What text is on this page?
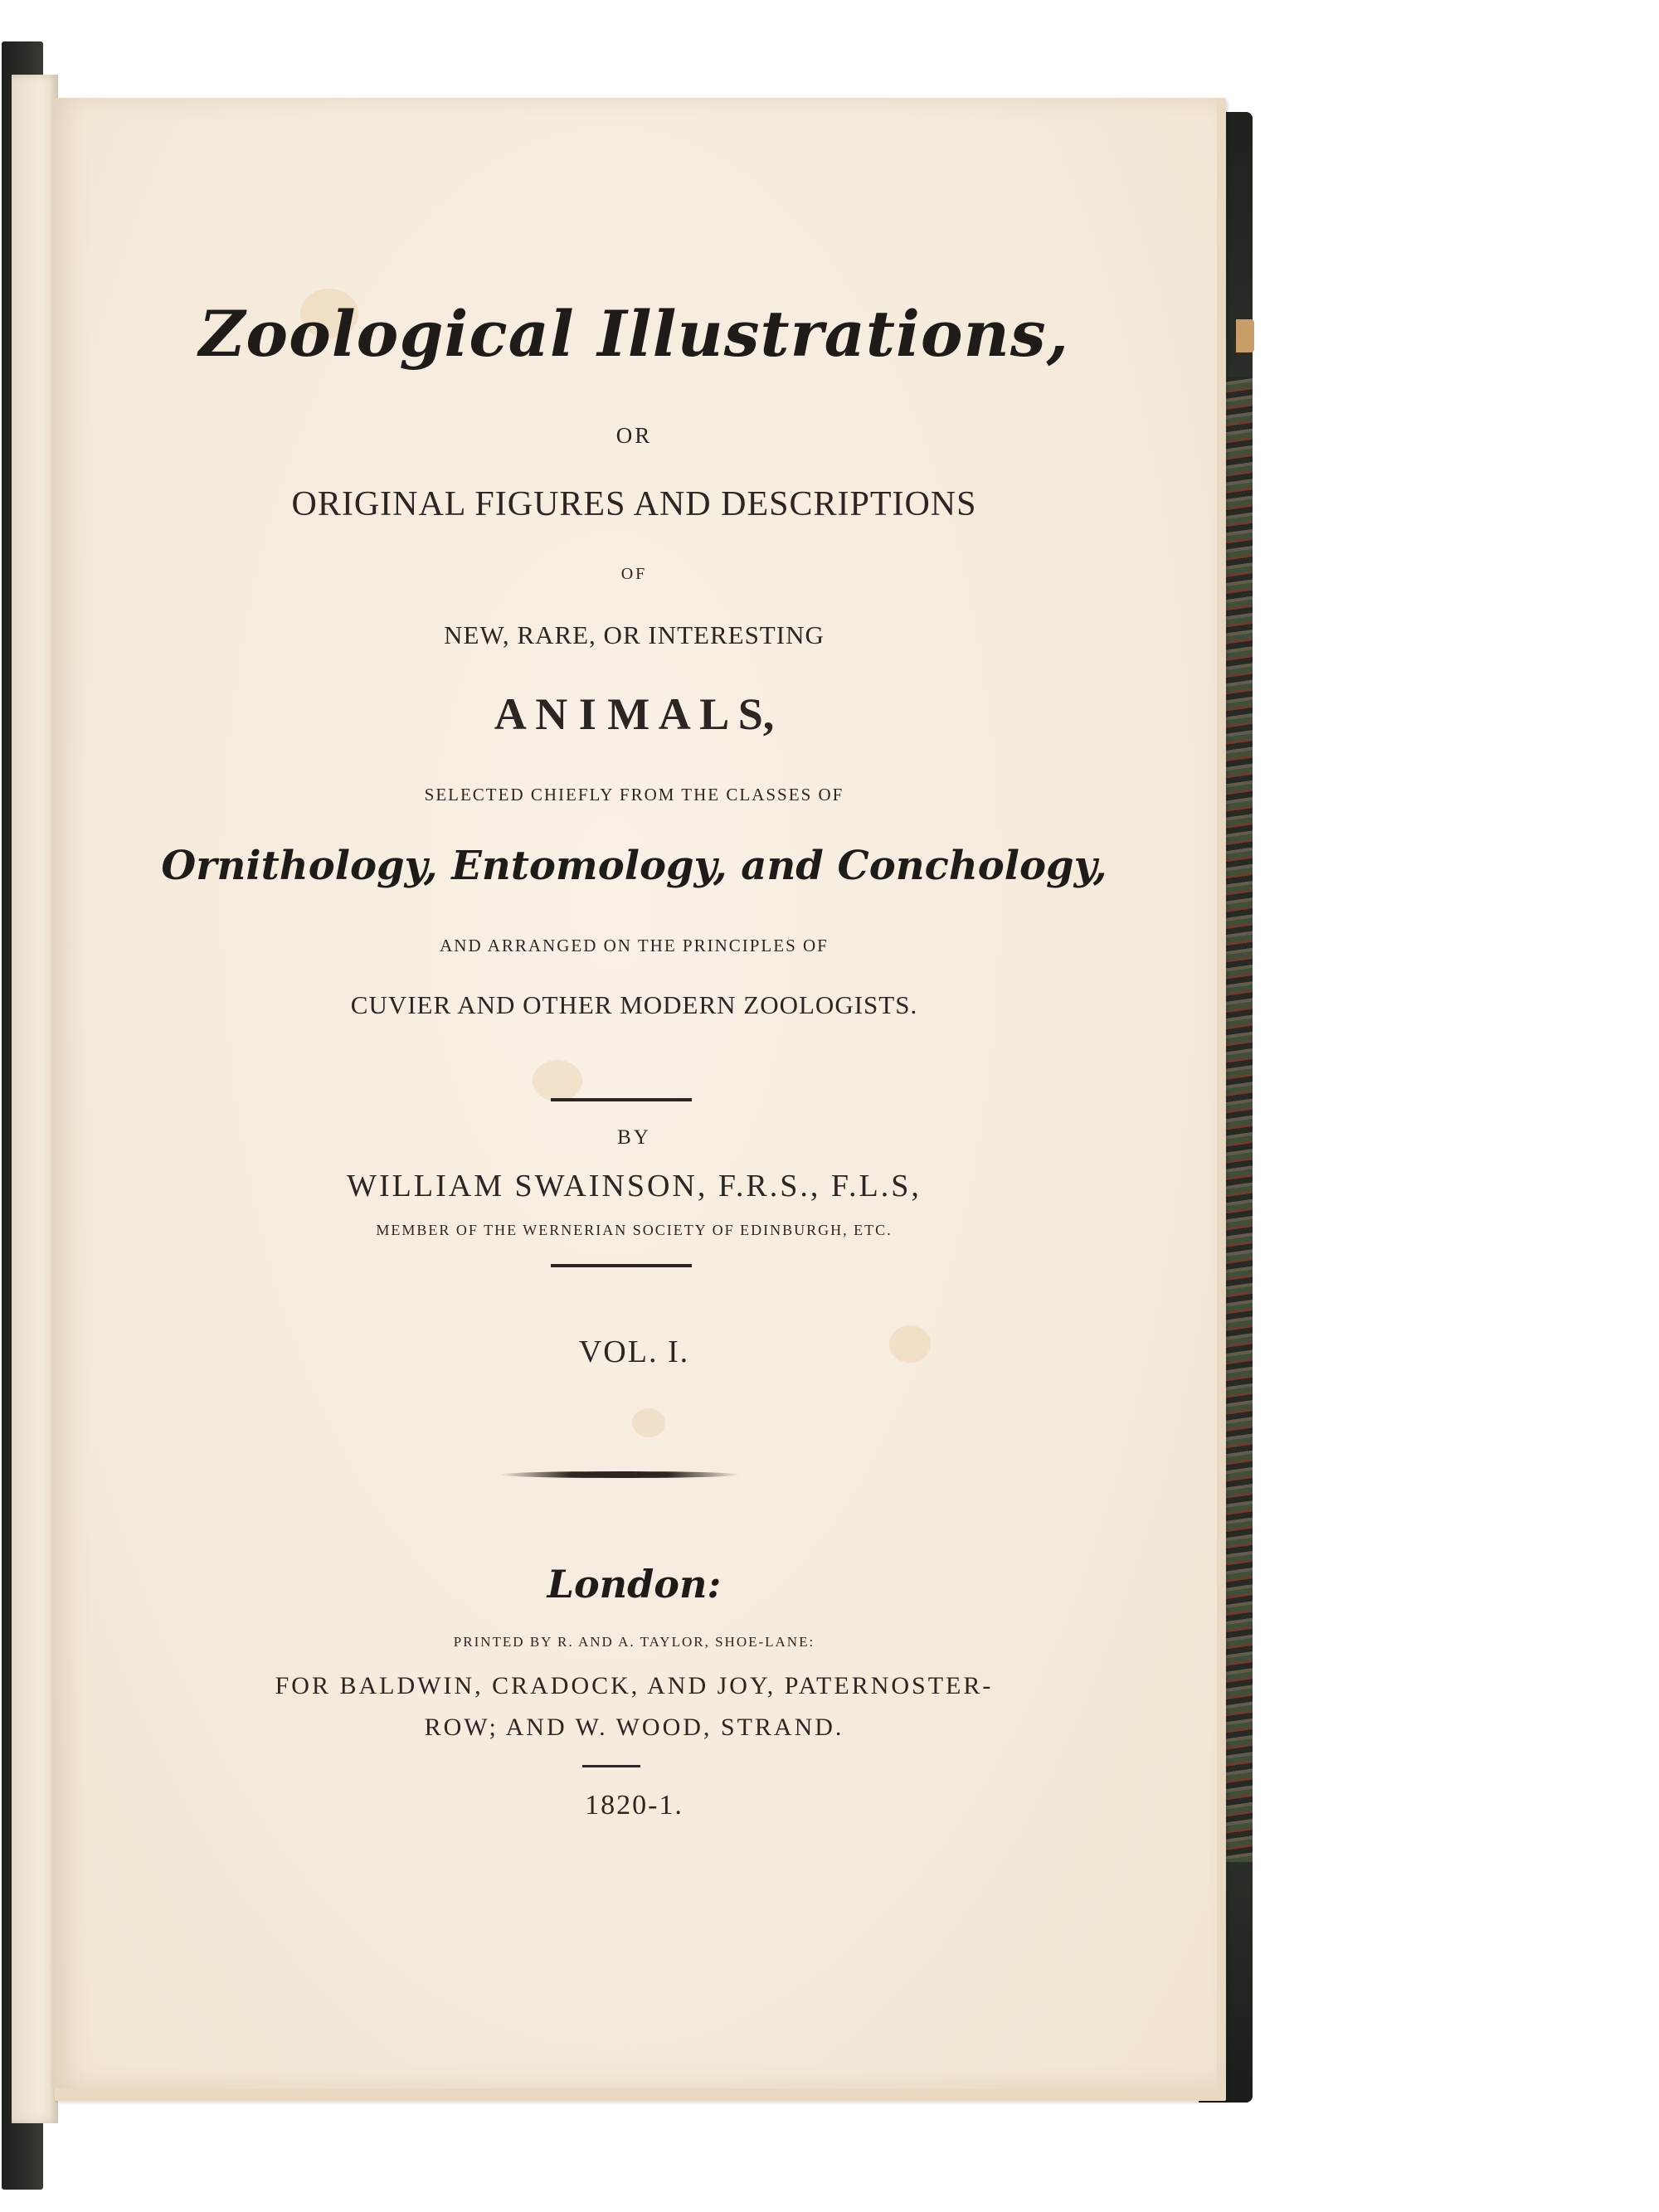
Zoological Illustrations,
OR
ORIGINAL FIGURES AND DESCRIPTIONS
OF
NEW, RARE, OR INTERESTING
A N I M A L S,
SELECTED CHIEFLY FROM THE CLASSES OF
Ornithology, Entomology, and Conchology,
AND ARRANGED ON THE PRINCIPLES OF
CUVIER AND OTHER MODERN ZOOLOGISTS.
BY
WILLIAM SWAINSON, F.R.S., F.L.S,
MEMBER OF THE WERNERIAN SOCIETY OF EDINBURGH, ETC.
VOL. I.
London:
PRINTED BY R. AND A. TAYLOR, SHOE-LANE:
FOR BALDWIN, CRADOCK, AND JOY, PATERNOSTER-
ROW; AND W. WOOD, STRAND.
1820-1.
